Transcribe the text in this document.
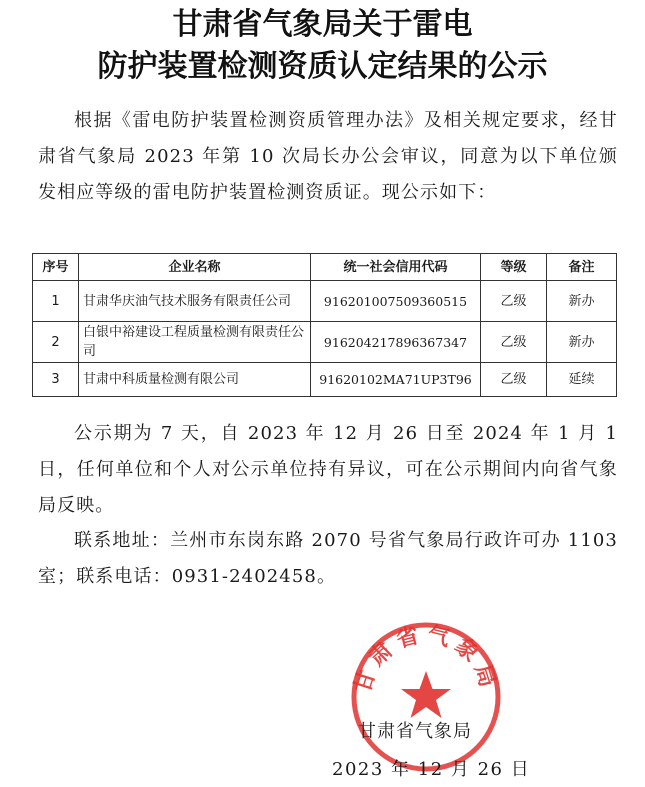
甘肃省气象局关于雷电
防护装置检测资质认定结果的公示

根据《雷电防护装置检测资质管理办法》及相关规定要求，经甘肃省气象局 2023 年第 10 次局长办公会审议，同意为以下单位颁发相应等级的雷电防护装置检测资质证。现公示如下：

序号	企业名称	统一社会信用代码	等级	备注
1	甘肃华庆油气技术服务有限责任公司	916201007509360515	乙级	新办
2	白银中裕建设工程质量检测有限责任公司	916204217896367347	乙级	新办
3	甘肃中科质量检测有限公司	91620102MA71UP3T96	乙级	延续

公示期为 7 天，自 2023 年 12 月 26 日至 2024 年 1 月 1 日，任何单位和个人对公示单位持有异议，可在公示期间内向省气象局反映。

联系地址：兰州市东岗东路 2070 号省气象局行政许可办 1103 室；联系电话：0931-2402458。

甘肃省气象局
甘肃省气象局
2023 年 12 月 26 日
